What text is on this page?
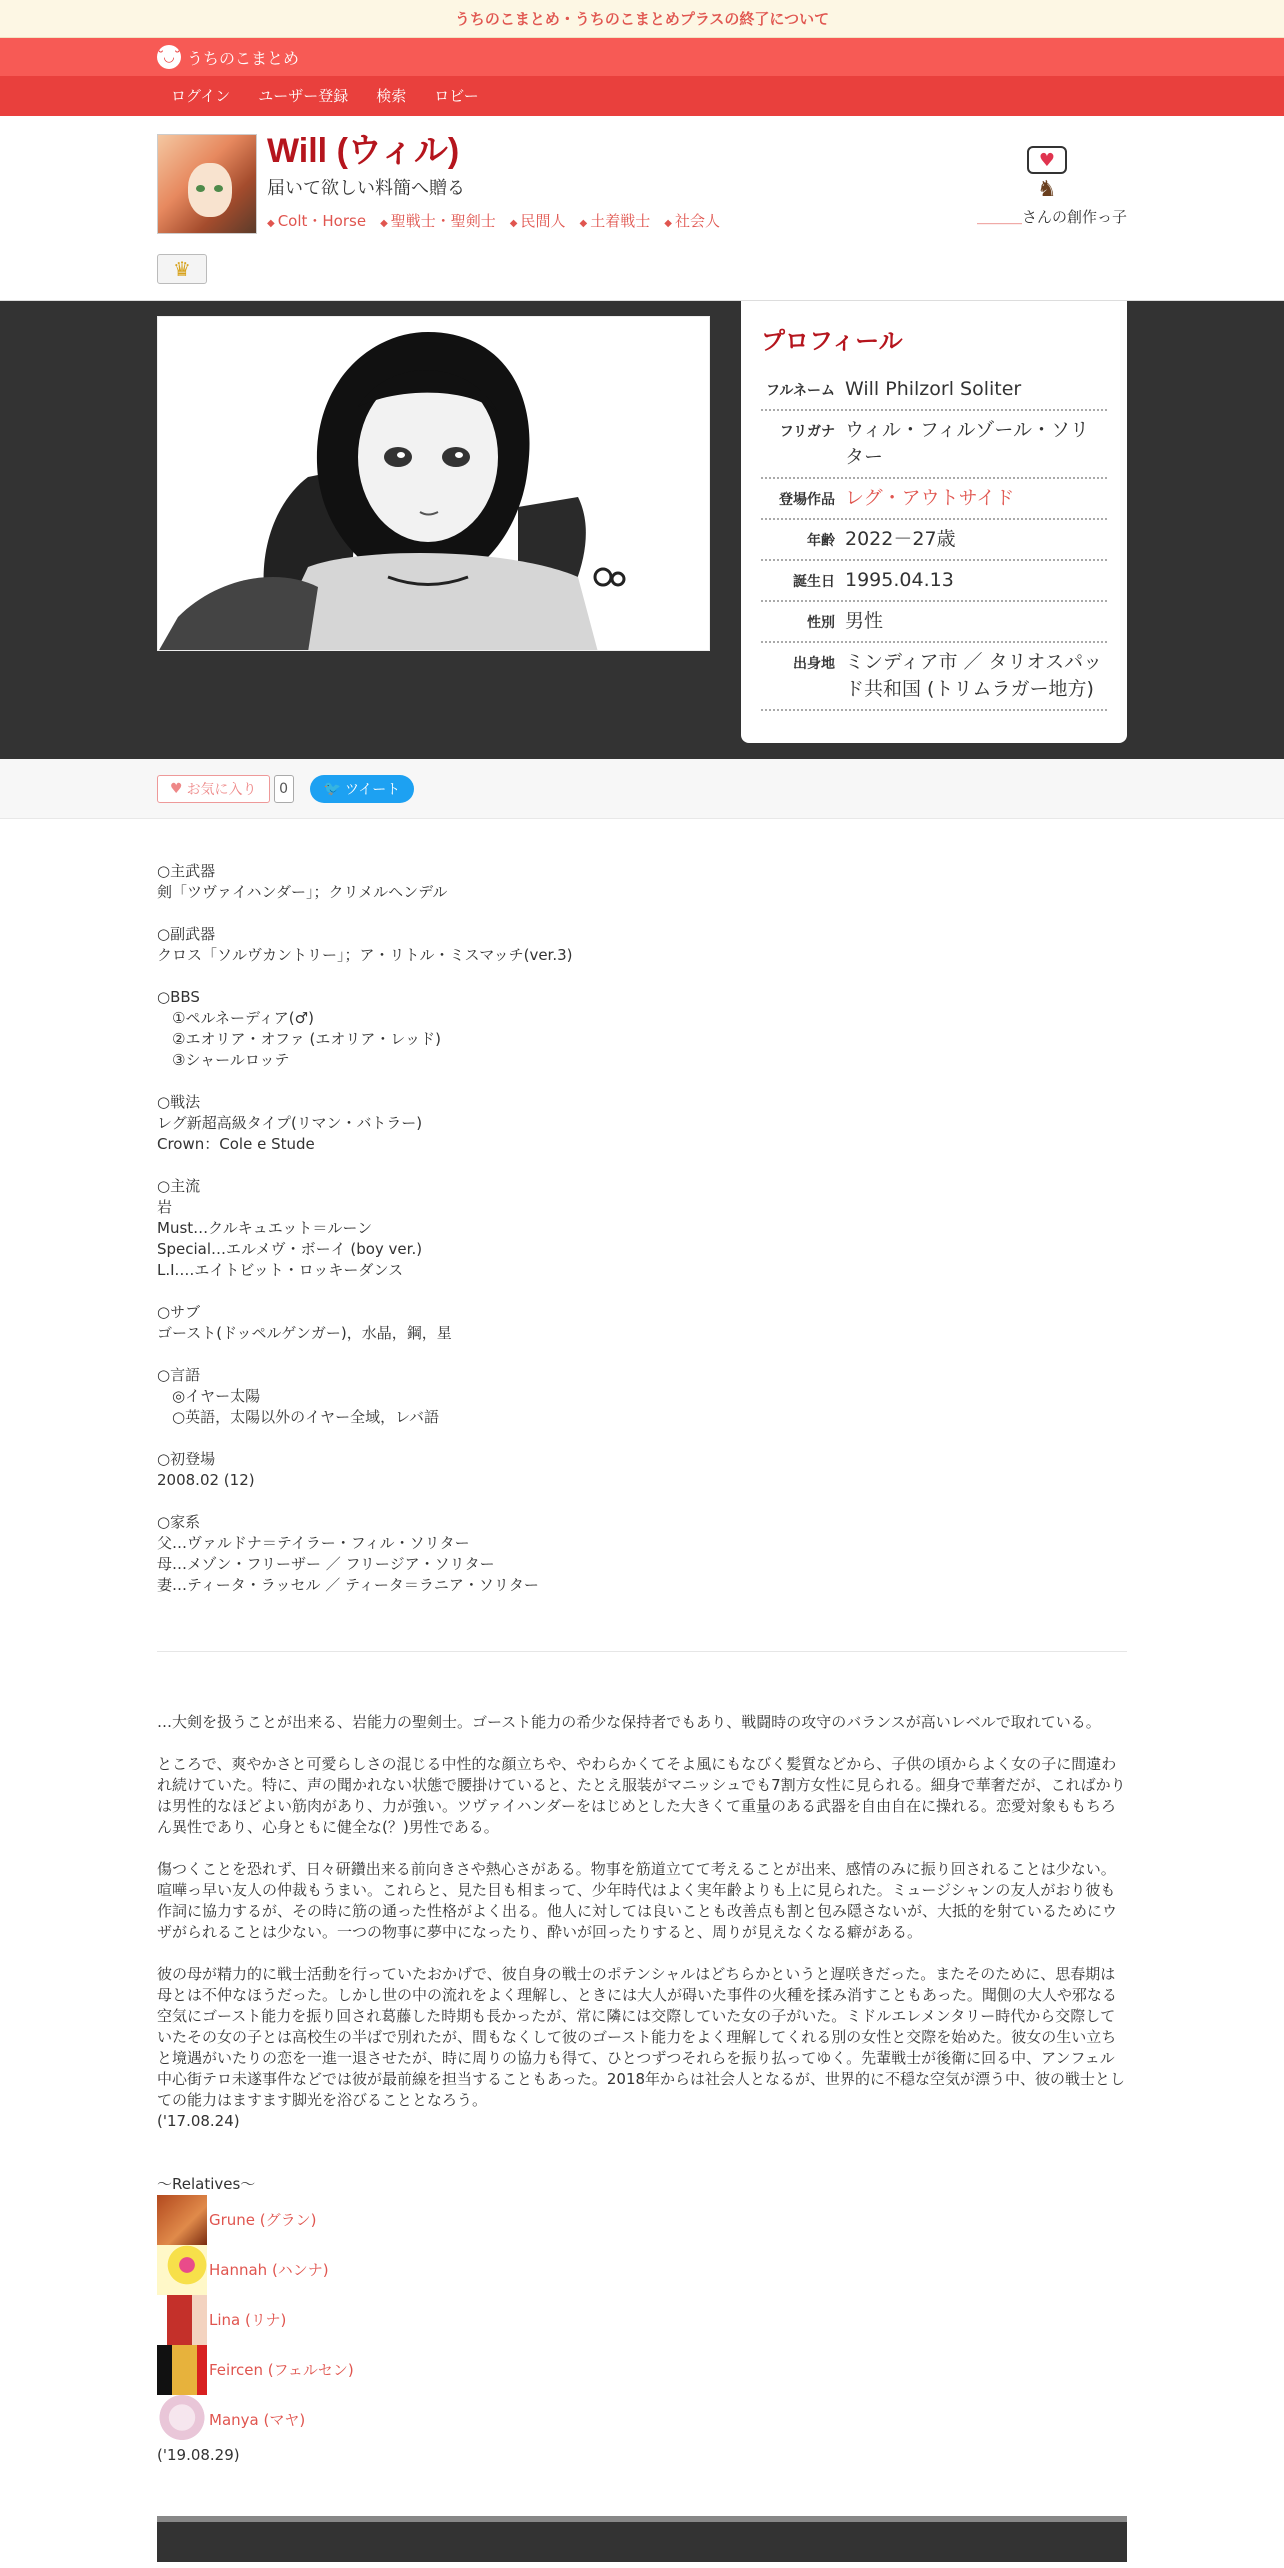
うちのこまとめ・うちのこまとめプラスの終了について
˘◡˘ うちのこまとめ
ログイン	ユーザー登録	検索	ロビー
Will (ウィル)
届いて欲しい料簡へ贈る
◆ Colt・Horse	◆ 聖戦士・聖剣士	◆ 民間人	◆ 土着戦士	◆ 社会人
♥
♞
＿＿＿さんの創作っ子
♛
プロフィール
フルネーム Will Philzorl Soliter
フリガナ ウィル・フィルゾール・ソリター
登場作品 レグ・アウトサイド
年齢 2022－27歳
誕生日 1995.04.13
性別 男性
出身地 ミンディア市 ／ タリオスパッド共和国 (トリムラガー地方)
♥ お気に入り	0	🐦 ツイート

○主武器
剣「ツヴァイハンダー」；クリメルヘンデル

○副武器
クロス「ソルヴカントリー」；ア・リトル・ミスマッチ(ver.3)

○BBS
　①ペルネーディア(♂)
　②エオリア・オファ (エオリア・レッド)
　③シャールロッテ

○戦法
レグ新超高級タイプ(リマン・バトラー)
Crown：Cole e Stude

○主流
岩
Must…クルキュエット＝ルーン
Special…エルメヴ・ボーイ (boy ver.)
L.I.…エイトビット・ロッキーダンス

○サブ
ゴースト(ドッペルゲンガー)，水晶，鋼，星

○言語
　◎イヤー太陽
　○英語，太陽以外のイヤー全域，レバ語

○初登場
2008.02 (12)

○家系
父…ヴァルドナ＝テイラー・フィル・ソリター
母…メゾン・フリーザー ／ フリージア・ソリター
妻…ティータ・ラッセル ／ ティータ＝ラニア・ソリター

…大剣を扱うことが出来る、岩能力の聖剣士。ゴースト能力の希少な保持者でもあり、戦闘時の攻守のバランスが高いレベルで取れている。

ところで、爽やかさと可愛らしさの混じる中性的な顔立ちや、やわらかくてそよ風にもなびく髪質などから、子供の頃からよく女の子に間違われ続けていた。特に、声の聞かれない状態で腰掛けていると、たとえ服装がマニッシュでも7割方女性に見られる。細身で華奢だが、こればかりは男性的なほどよい筋肉があり、力が強い。ツヴァイハンダーをはじめとした大きくて重量のある武器を自由自在に操れる。恋愛対象ももちろん異性であり、心身ともに健全な(？)男性である。

傷つくことを恐れず、日々研鑽出来る前向きさや熱心さがある。物事を筋道立てて考えることが出来、感情のみに振り回されることは少ない。喧嘩っ早い友人の仲裁もうまい。これらと、見た目も相まって、少年時代はよく実年齢よりも上に見られた。ミュージシャンの友人がおり彼も作詞に協力するが、その時に筋の通った性格がよく出る。他人に対しては良いことも改善点も割と包み隠さないが、大抵的を射ているためにウザがられることは少ない。一つの物事に夢中になったり、酔いが回ったりすると、周りが見えなくなる癖がある。

彼の母が精力的に戦士活動を行っていたおかげで、彼自身の戦士のポテンシャルはどちらかというと遅咲きだった。またそのために、思春期は母とは不仲なほうだった。しかし世の中の流れをよく理解し、ときには大人が碍いた事件の火種を揉み消すこともあった。聞側の大人や邪なる空気にゴースト能力を振り回され葛藤した時期も長かったが、常に隣には交際していた女の子がいた。ミドルエレメンタリー時代から交際していたその女の子とは高校生の半ばで別れたが、間もなくして彼のゴースト能力をよく理解してくれる別の女性と交際を始めた。彼女の生い立ちと境遇がいたりの恋を一進一退させたが、時に周りの協力も得て、ひとつずつそれらを振り払ってゆく。先輩戦士が後衛に回る中、アンフェル中心街テロ未遂事件などでは彼が最前線を担当することもあった。2018年からは社会人となるが、世界的に不穏な空気が漂う中、彼の戦士としての能力はますます脚光を浴びることとなろう。
('17.08.24)

～Relatives～
Grune (グラン)
Hannah (ハンナ)
Lina (リナ)
Feircen (フェルセン)
Manya (マヤ)
('19.08.29)
